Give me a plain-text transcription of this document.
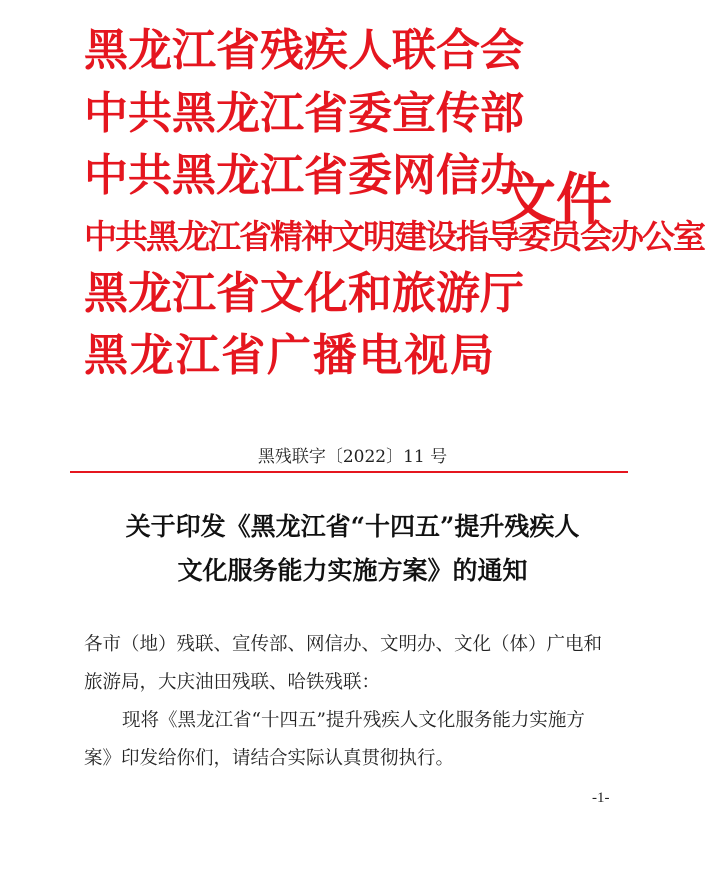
黑龙江省残疾人联合会
中共黑龙江省委宣传部
中共黑龙江省委网信办
中共黑龙江省精神文明建设指导委员会办公室
黑龙江省文化和旅游厅
黑龙江省广播电视局
文件
黑残联字〔2022〕11 号

关于印发《黑龙江省“十四五”提升残疾人

文化服务能力实施方案》的通知

各市（地）残联、宣传部、网信办、文明办、文化（体）广电和

旅游局，大庆油田残联、哈铁残联：

现将《黑龙江省“十四五”提升残疾人文化服务能力实施方

案》印发给你们，请结合实际认真贯彻执行。

-1-
